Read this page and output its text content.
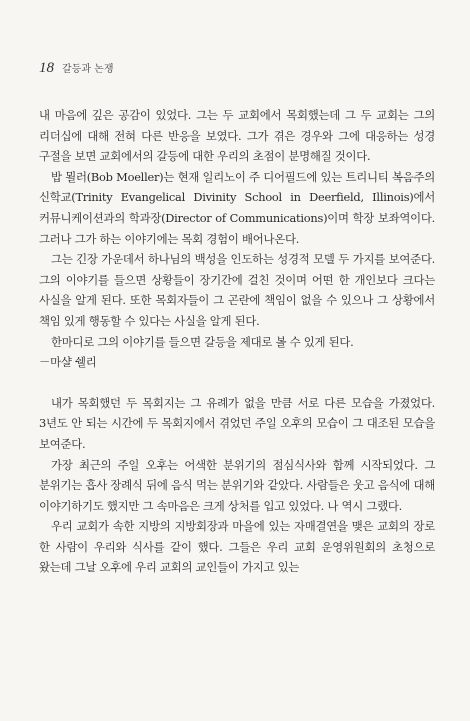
18 갈등과 논쟁

내 마음에 깊은 공감이 있었다. 그는 두 교회에서 목회했는데 그 두 교회는 그의 리더십에 대해 전혀 다른 반응을 보였다. 그가 겪은 경우와 그에 대응하는 성경 구절을 보면 교회에서의 갈등에 대한 우리의 초점이 분명해질 것이다.

밥 묄러(Bob Moeller)는 현재 일리노이 주 디어필드에 있는 트리니티 복음주의 신학교(Trinity Evangelical Divinity School in Deerfield, Illinois)에서 커뮤니케이션과의 학과장(Director of Communications)이며 학장 보좌역이다. 그러나 그가 하는 이야기에는 목회 경험이 배어나온다.

그는 긴장 가운데서 하나님의 백성을 인도하는 성경적 모델 두 가지를 보여준다. 그의 이야기를 들으면 상황들이 장기간에 걸친 것이며 어떤 한 개인보다 크다는 사실을 알게 된다. 또한 목회자들이 그 곤란에 책임이 없을 수 있으나 그 상황에서 책임 있게 행동할 수 있다는 사실을 알게 된다.

한마디로 그의 이야기를 들으면 갈등을 제대로 볼 수 있게 된다.

－마샬 쉘리

내가 목회했던 두 목회지는 그 유례가 없을 만큼 서로 다른 모습을 가졌었다. 3년도 안 되는 시간에 두 목회지에서 겪었던 주일 오후의 모습이 그 대조된 모습을 보여준다.

가장 최근의 주일 오후는 어색한 분위기의 점심식사와 함께 시작되었다. 그 분위기는 흡사 장례식 뒤에 음식 먹는 분위기와 같았다. 사람들은 웃고 음식에 대해 이야기하기도 했지만 그 속마음은 크게 상처를 입고 있었다. 나 역시 그랬다.

우리 교회가 속한 지방의 지방회장과 마을에 있는 자매결연을 맺은 교회의 장로 한 사람이 우리와 식사를 같이 했다. 그들은 우리 교회 운영위원회의 초청으로 왔는데 그날 오후에 우리 교회의 교인들이 가지고 있는
